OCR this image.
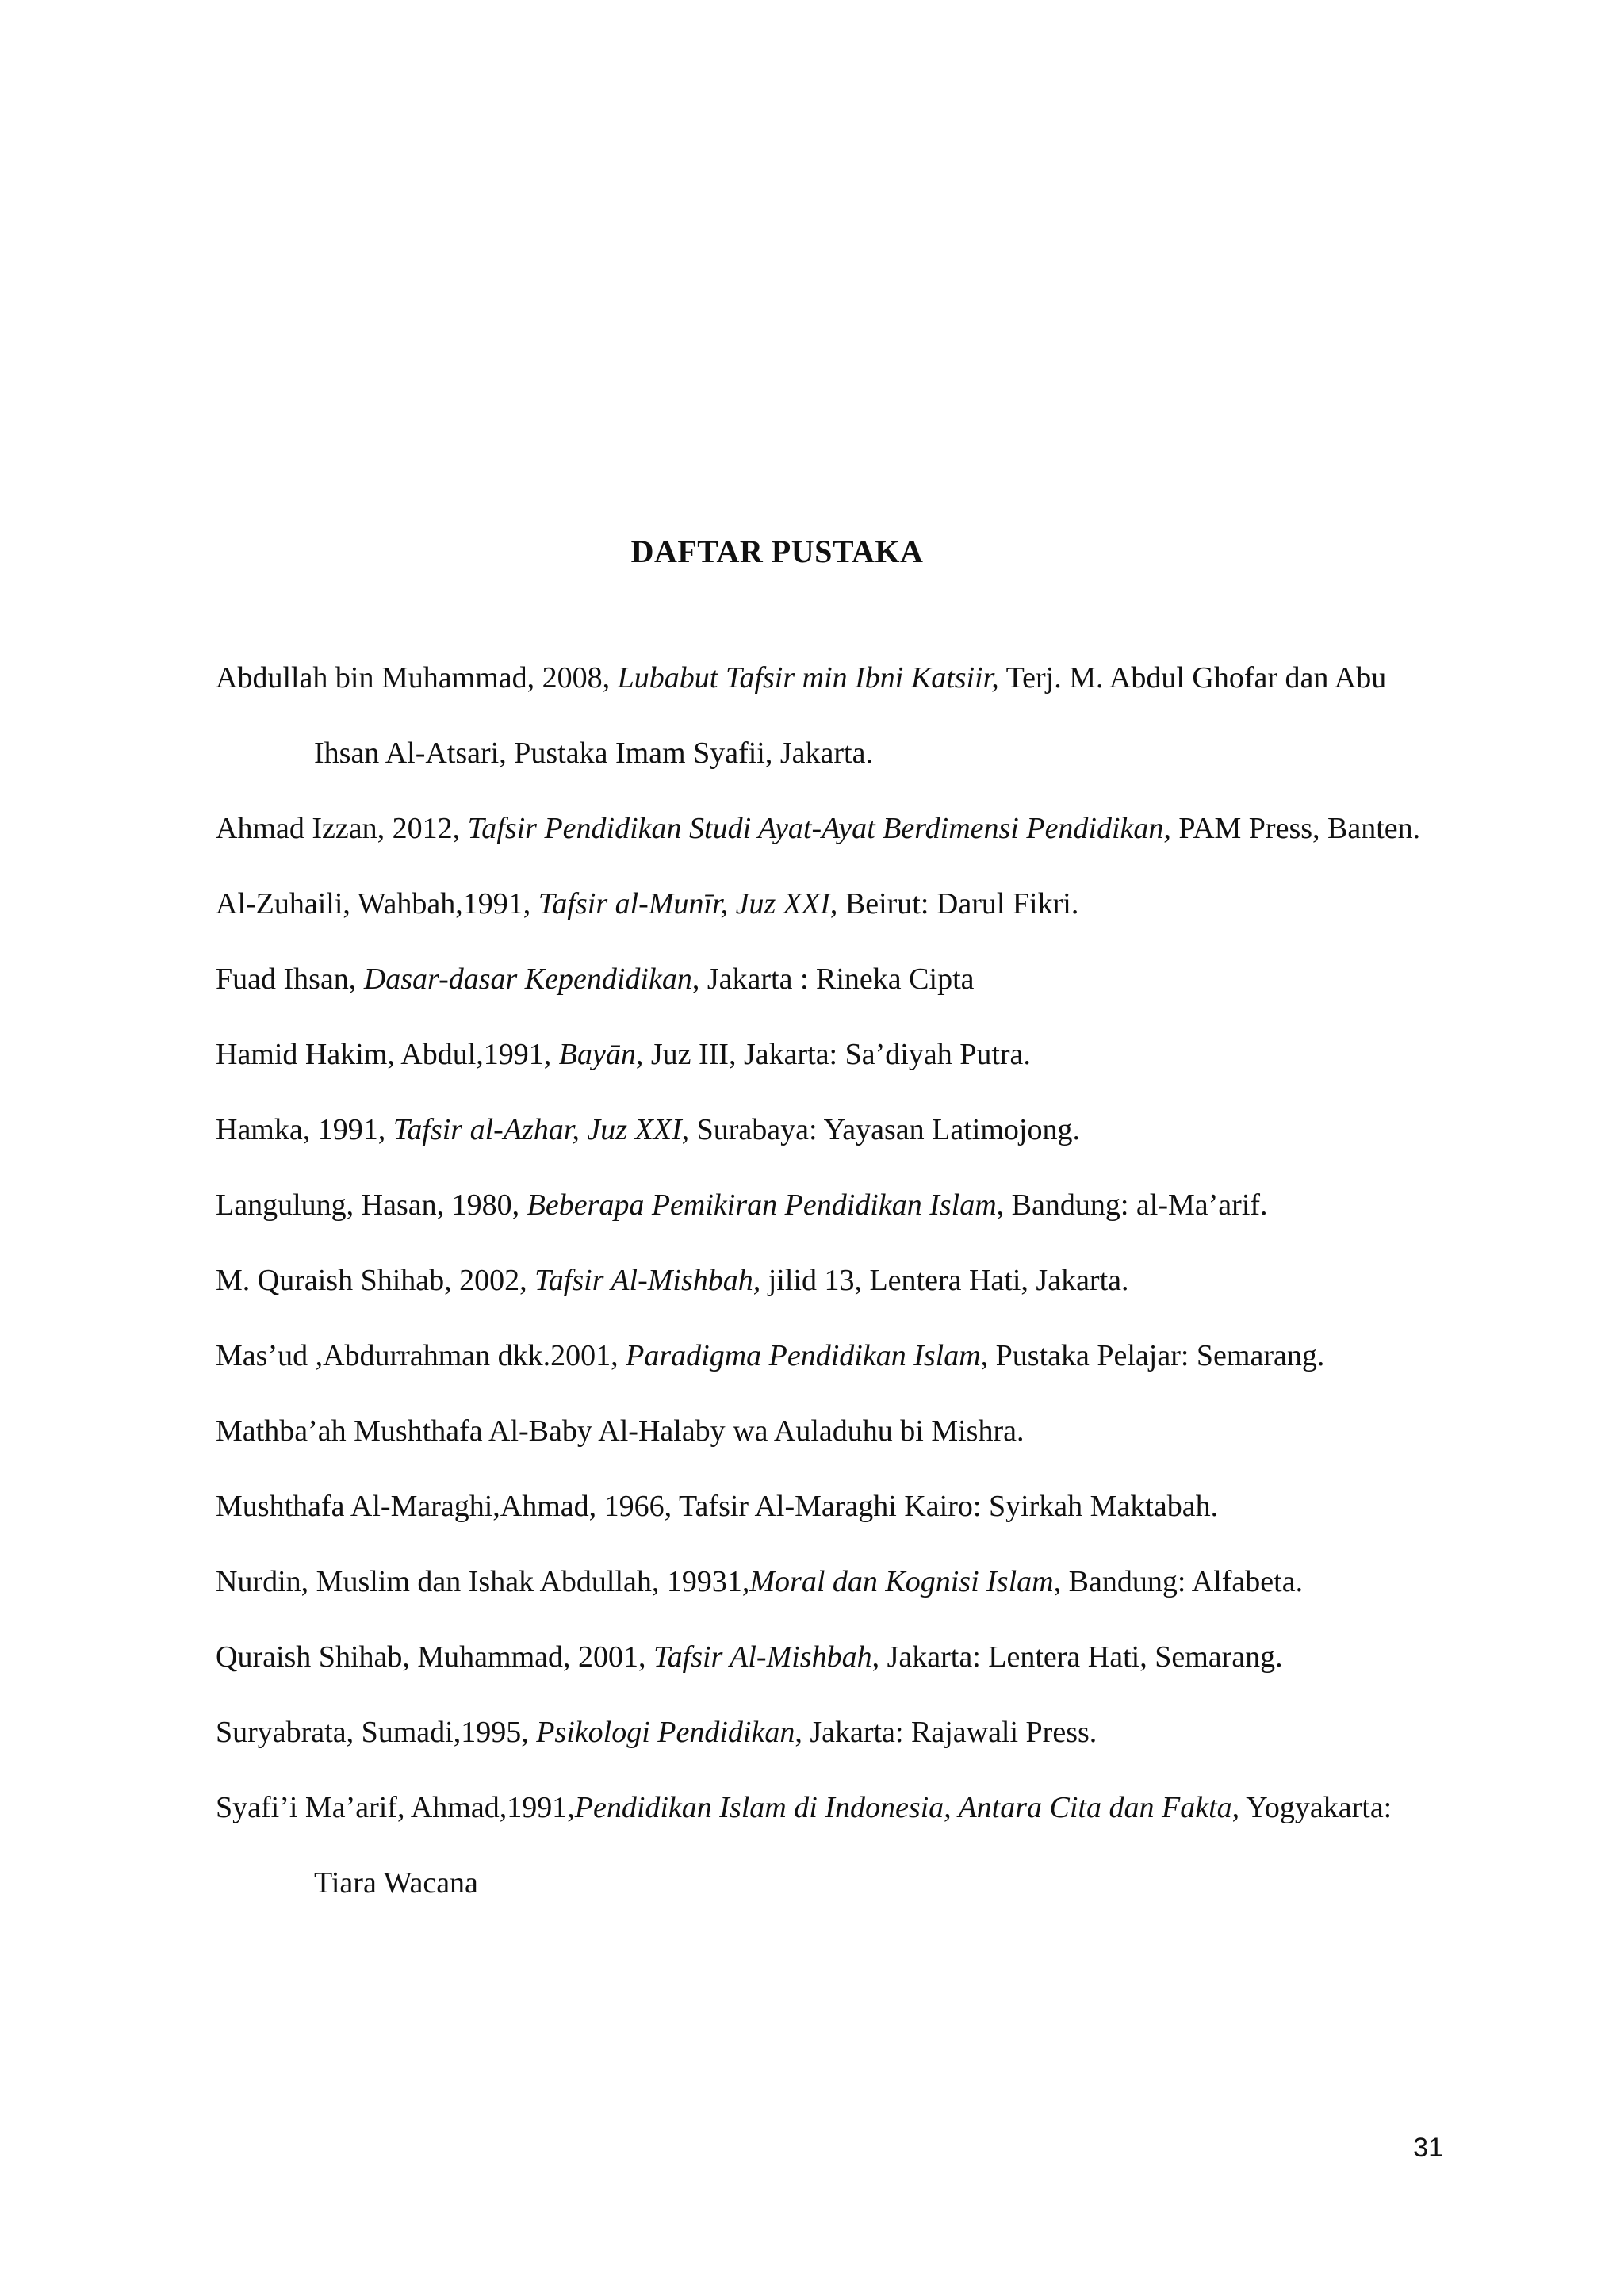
DAFTAR PUSTAKA
Abdullah bin Muhammad, 2008, Lubabut Tafsir min Ibni Katsiir, Terj. M. Abdul Ghofar dan Abu Ihsan Al-Atsari, Pustaka Imam Syafii, Jakarta.
Ahmad Izzan, 2012, Tafsir Pendidikan Studi Ayat-Ayat Berdimensi Pendidikan, PAM Press, Banten.
Al-Zuhaili, Wahbah,1991, Tafsir al-Munīr, Juz XXI, Beirut: Darul Fikri.
Fuad Ihsan, Dasar-dasar Kependidikan, Jakarta : Rineka Cipta
Hamid Hakim, Abdul,1991, Bayān, Juz III, Jakarta: Sa’diyah Putra.
Hamka, 1991, Tafsir al-Azhar, Juz XXI, Surabaya: Yayasan Latimojong.
Langulung, Hasan, 1980, Beberapa Pemikiran Pendidikan Islam, Bandung: al-Ma’arif.
M. Quraish Shihab, 2002, Tafsir Al-Mishbah, jilid 13, Lentera Hati, Jakarta.
Mas’ud ,Abdurrahman dkk.2001, Paradigma Pendidikan Islam, Pustaka Pelajar: Semarang.
Mathba’ah Mushthafa Al-Baby Al-Halaby wa Auladuhu bi Mishra.
Mushthafa Al-Maraghi,Ahmad, 1966, Tafsir Al-Maraghi Kairo: Syirkah Maktabah.
Nurdin, Muslim dan Ishak Abdullah, 19931,Moral dan Kognisi Islam, Bandung: Alfabeta.
Quraish Shihab, Muhammad, 2001, Tafsir Al-Mishbah, Jakarta: Lentera Hati, Semarang.
Suryabrata, Sumadi,1995, Psikologi Pendidikan, Jakarta: Rajawali Press.
Syafi’i Ma’arif, Ahmad,1991,Pendidikan Islam di Indonesia, Antara Cita dan Fakta, Yogyakarta: Tiara Wacana
31
